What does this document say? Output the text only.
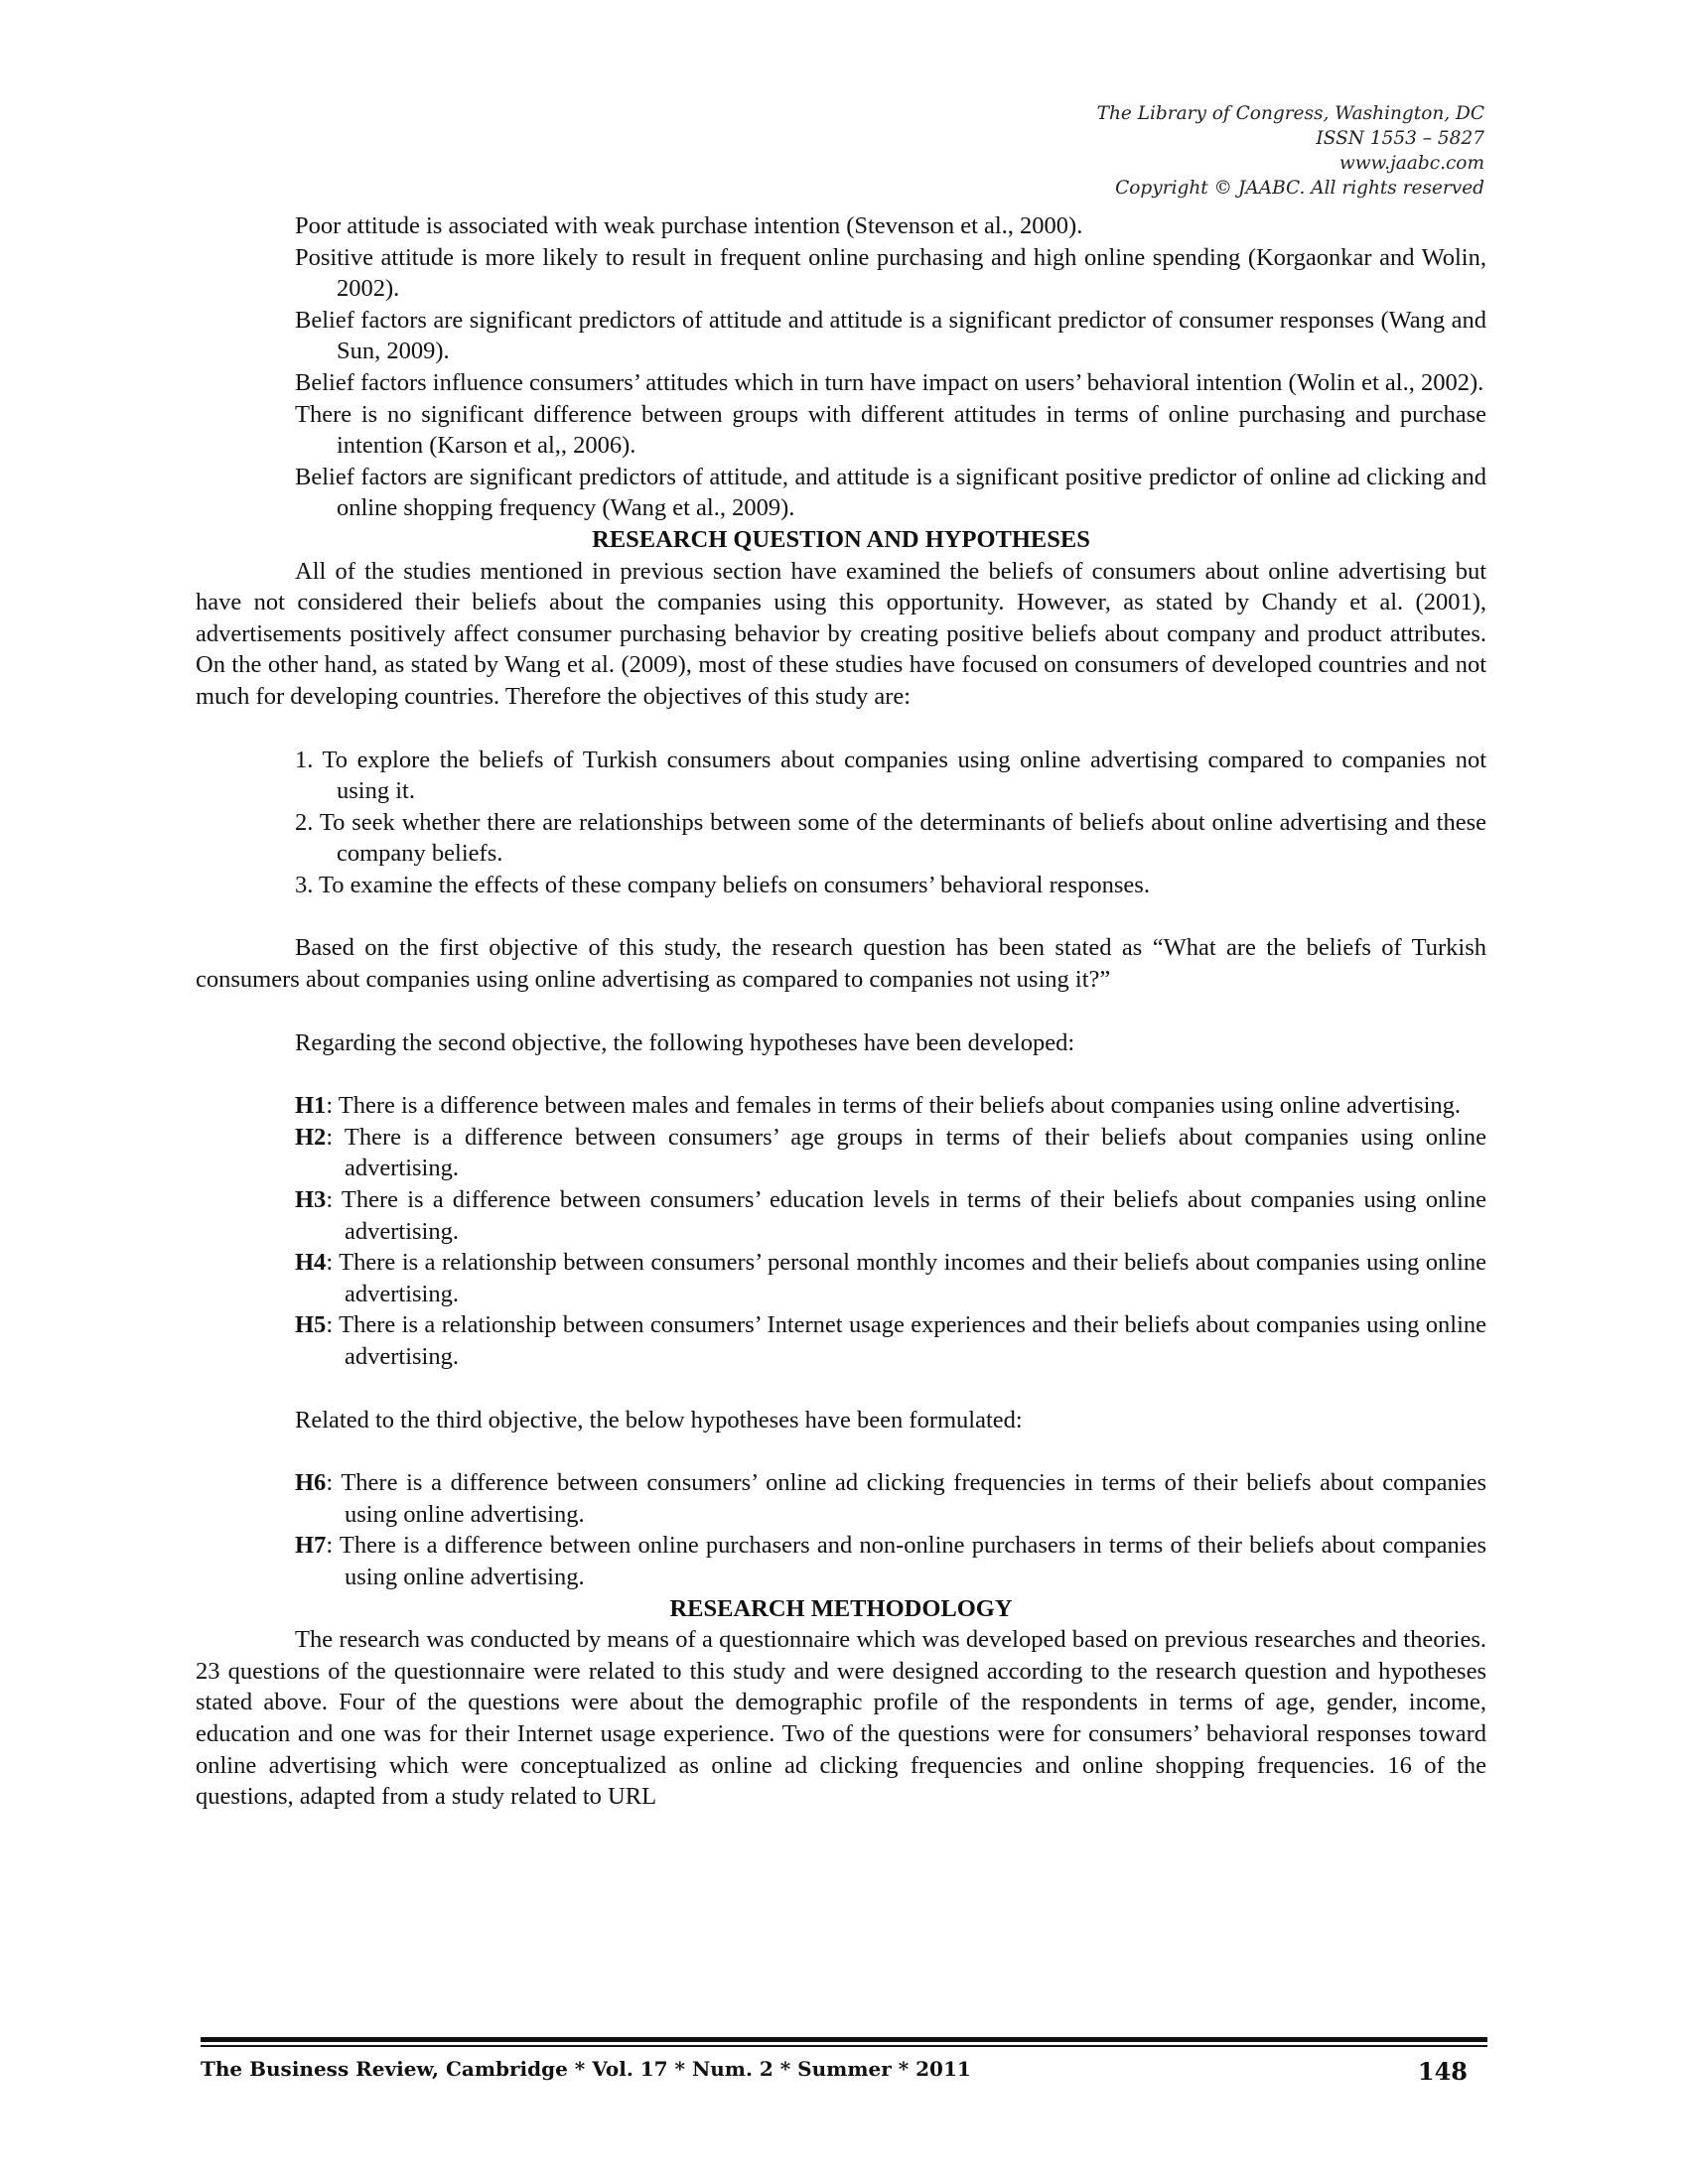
The Library of Congress, Washington, DC
ISSN 1553 – 5827
www.jaabc.com
Copyright © JAABC. All rights reserved

Poor attitude is associated with weak purchase intention (Stevenson et al., 2000).

Positive attitude is more likely to result in frequent online purchasing and high online spending (Korgaonkar and Wolin, 2002).

Belief factors are significant predictors of attitude and attitude is a significant predictor of consumer responses (Wang and Sun, 2009).

Belief factors influence consumers’ attitudes which in turn have impact on users’ behavioral intention (Wolin et al., 2002).

There is no significant difference between groups with different attitudes in terms of online purchasing and purchase intention (Karson et al,, 2006).

Belief factors are significant predictors of attitude, and attitude is a significant positive predictor of online ad clicking and online shopping frequency (Wang et al., 2009).

RESEARCH QUESTION AND HYPOTHESES

All of the studies mentioned in previous section have examined the beliefs of consumers about online advertising but have not considered their beliefs about the companies using this opportunity. However, as stated by Chandy et al. (2001), advertisements positively affect consumer purchasing behavior by creating positive beliefs about company and product attributes. On the other hand, as stated by Wang et al. (2009), most of these studies have focused on consumers of developed countries and not much for developing countries. Therefore the objectives of this study are:

1. To explore the beliefs of Turkish consumers about companies using online advertising compared to companies not using it.

2. To seek whether there are relationships between some of the determinants of beliefs about online advertising and these company beliefs.

3. To examine the effects of these company beliefs on consumers’ behavioral responses.

Based on the first objective of this study, the research question has been stated as “What are the beliefs of Turkish consumers about companies using online advertising as compared to companies not using it?”

Regarding the second objective, the following hypotheses have been developed:

H1: There is a difference between males and females in terms of their beliefs about companies using online advertising.

H2: There is a difference between consumers’ age groups in terms of their beliefs about companies using online advertising.

H3: There is a difference between consumers’ education levels in terms of their beliefs about companies using online advertising.

H4: There is a relationship between consumers’ personal monthly incomes and their beliefs about companies using online advertising.

H5: There is a relationship between consumers’ Internet usage experiences and their beliefs about companies using online advertising.

Related to the third objective, the below hypotheses have been formulated:

H6: There is a difference between consumers’ online ad clicking frequencies in terms of their beliefs about companies using online advertising.

H7: There is a difference between online purchasers and non-online purchasers in terms of their beliefs about companies using online advertising.

RESEARCH METHODOLOGY

The research was conducted by means of a questionnaire which was developed based on previous researches and theories. 23 questions of the questionnaire were related to this study and were designed according to the research question and hypotheses stated above. Four of the questions were about the demographic profile of the respondents in terms of age, gender, income, education and one was for their Internet usage experience. Two of the questions were for consumers’ behavioral responses toward online advertising which were conceptualized as online ad clicking frequencies and online shopping frequencies. 16 of the questions, adapted from a study related to URL

The Business Review, Cambridge * Vol. 17 * Num. 2 * Summer * 2011	148
